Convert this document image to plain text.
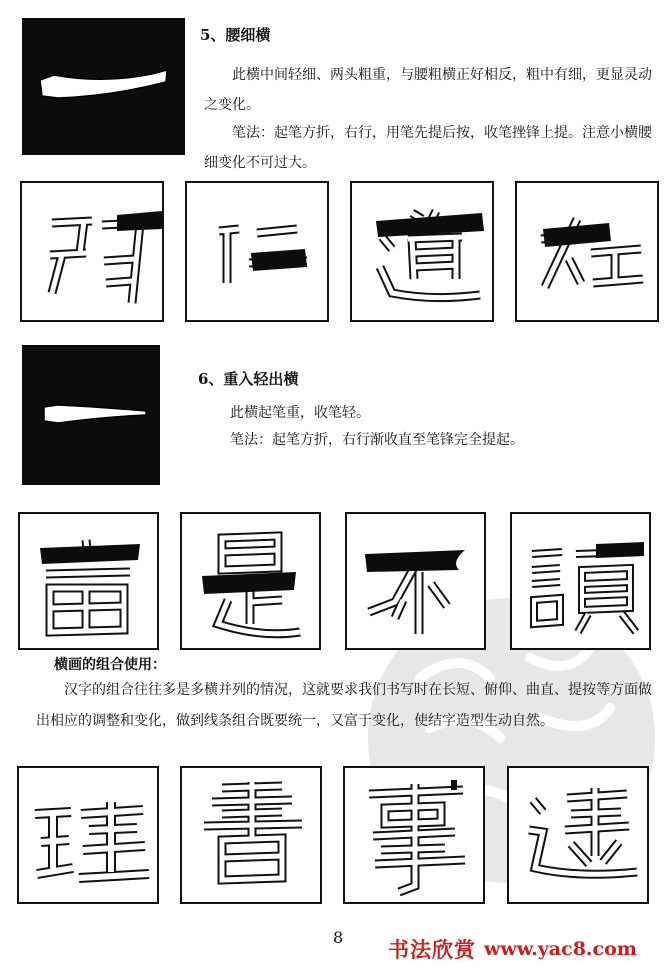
5、腰细横
此横中间轻细、两头粗重，与腰粗横正好相反，粗中有细，更显灵动之变化。
笔法：起笔方折，右行，用笔先提后按，收笔挫锋上提。注意小横腰细变化不可过大。
6、重入轻出横
此横起笔重，收笔轻。
笔法：起笔方折，右行渐收直至笔锋完全提起。
横画的组合使用：
汉字的组合往往多是多横并列的情况，这就要求我们书写时在长短、俯仰、曲直、提按等方面做出相应的调整和变化，做到线条组合既要统一，又富于变化，使结字造型生动自然。
8 书法欣赏 www.yac8.com
